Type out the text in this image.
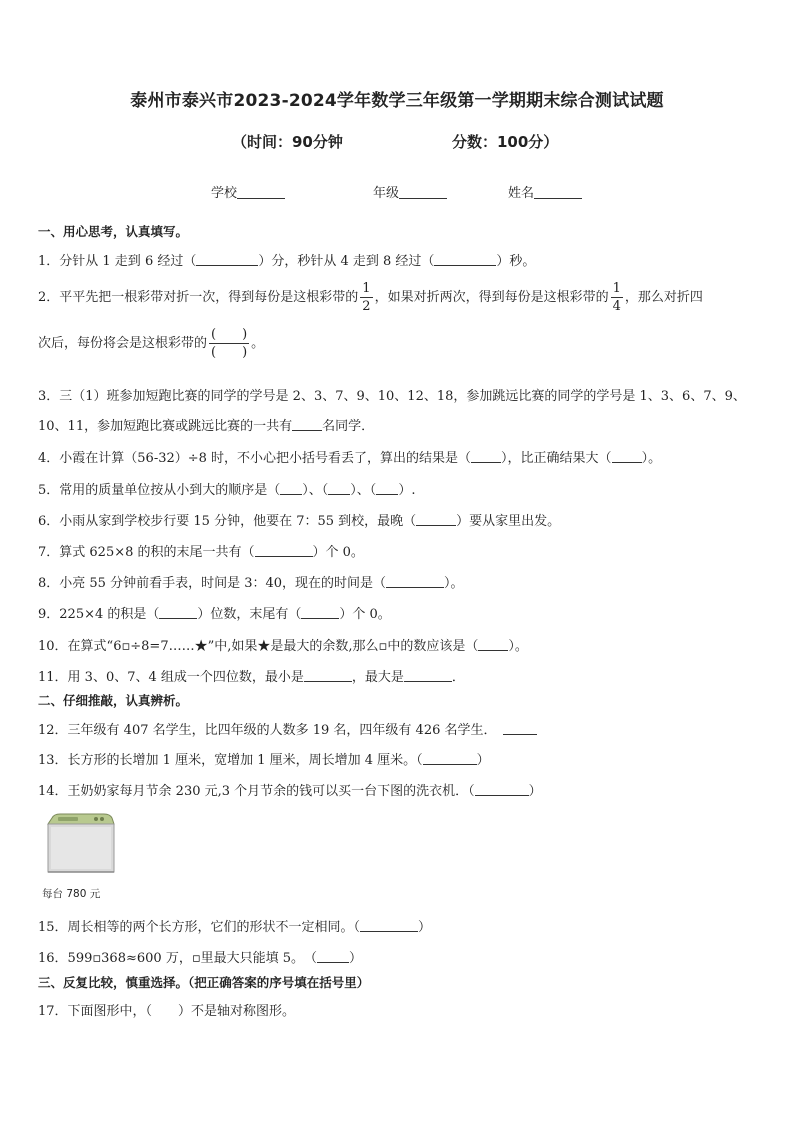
泰州市泰兴市2023-2024学年数学三年级第一学期期末综合测试试题
（时间：90分钟	分数：100分）
学校	年级	姓名
一、用心思考，认真填写。
1．分针从 1 走到 6 经过（	）分，秒针从 4 走到 8 经过（	）秒。
2．平平先把一根彩带对折一次，得到每份是这根彩带的 $\frac{1}{2}$ ，如果对折两次，得到每份是这根彩带的 $\frac{1}{4}$ ，那么对折四
次后，每份将会是这根彩带的 $\frac{( )}{( )}$ 。
3．三（1）班参加短跑比赛的同学的学号是 2、3、7、9、10、12、18，参加跳远比赛的同学的学号是 1、3、6、7、9、
10、11，参加短跑比赛或跳远比赛的一共有 名同学．
4．小霞在计算（56-32）÷8 时，不小心把小括号看丢了，算出的结果是（ ），比正确结果大（ ）。
5．常用的质量单位按从小到大的顺序是（ ）、（ ）、（ ）.
6．小雨从家到学校步行要 15 分钟，他要在 7：55 到校，最晚（	）要从家里出发。
7．算式 625×8 的积的末尾一共有（	）个 0。
8．小亮 55 分钟前看手表，时间是 3：40，现在的时间是（	）。
9．225×4 的积是（	）位数，末尾有（	）个 0。
10．在算式“6▫÷8=7……★”中,如果★是最大的余数,那么▫中的数应该是（ ）。
11．用 3、0、7、4 组成一个四位数，最小是	，最大是	．
二、仔细推敲，认真辨析。
12．三年级有 407 名学生，比四年级的人数多 19 名，四年级有 426 名学生．
13．长方形的长增加 1 厘米，宽增加 1 厘米，周长增加 4 厘米。（	）
14．王奶奶家每月节余 230 元,3 个月节余的钱可以买一台下图的洗衣机．（	）
每台 780 元
15．周长相等的两个长方形，它们的形状不一定相同。（	）
16．599▫368≈600 万，▫里最大只能填 5。　（ ）
三、反复比较，慎重选择。（把正确答案的序号填在括号里）
17．下面图形中，（　　）不是轴对称图形。
